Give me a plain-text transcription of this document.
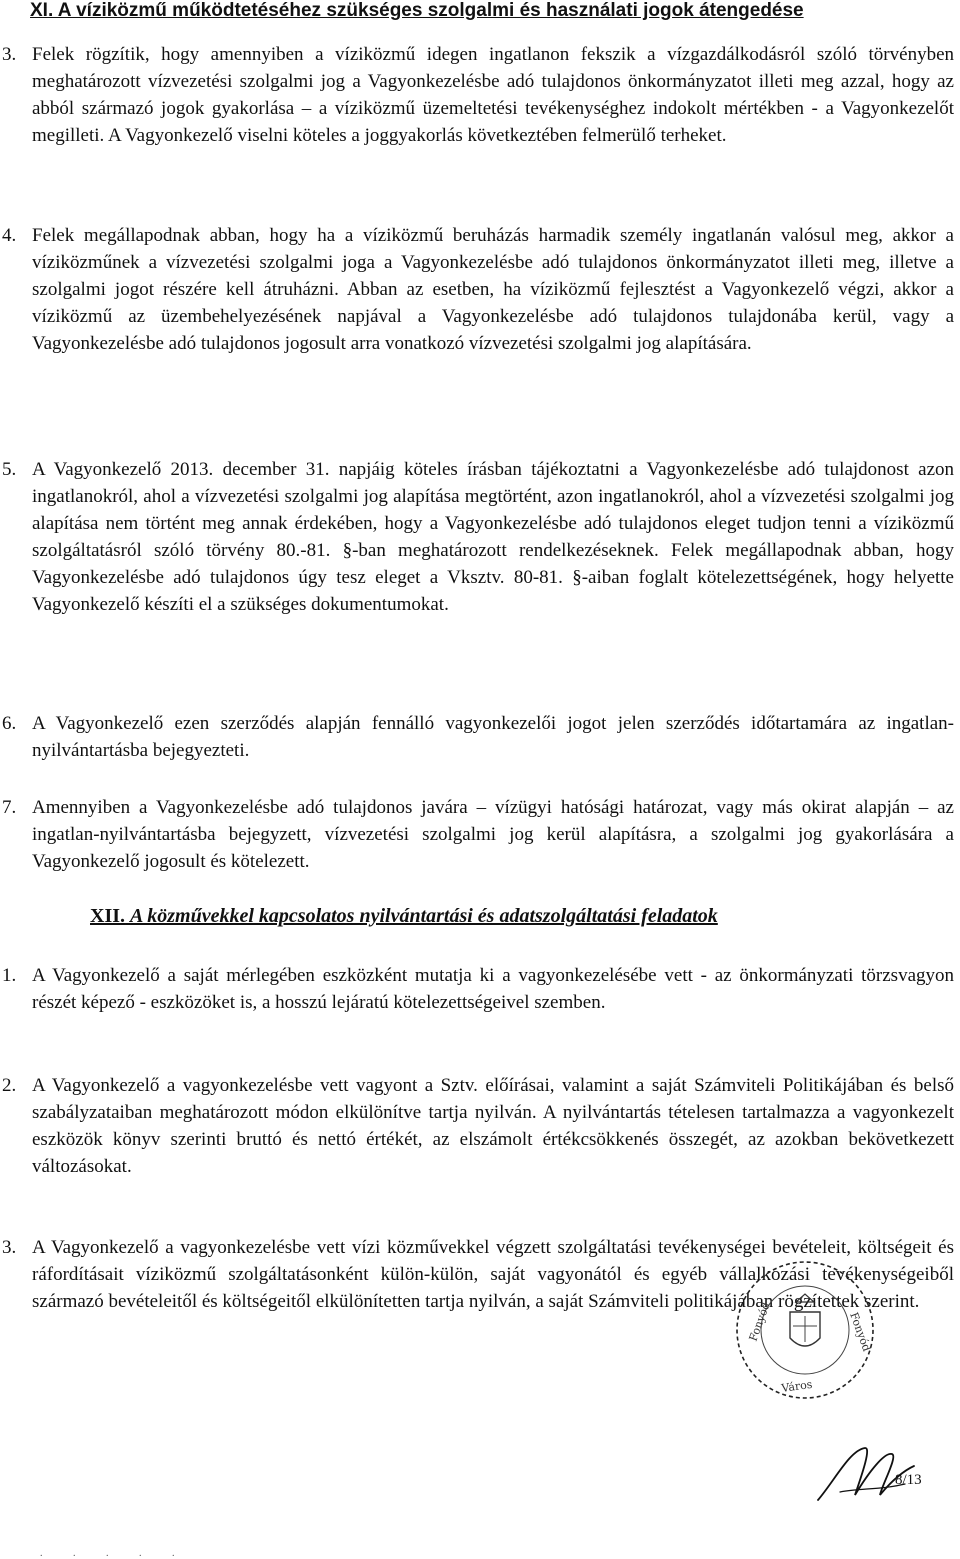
XI. A víziközmű működtetéséhez szükséges szolgalmi és használati jogok átengedése
3. Felek rögzítik, hogy amennyiben a víziközmű idegen ingatlanon fekszik a vízgazdálkodásról szóló törvényben meghatározott vízvezetési szolgalmi jog a Vagyonkezelésbe adó tulajdonos önkormányzatot illeti meg azzal, hogy az abból származó jogok gyakorlása – a víziközmű üzemeltetési tevékenységhez indokolt mértékben - a Vagyonkezelőt megilleti. A Vagyonkezelő viselni köteles a joggyakorlás következtében felmerülő terheket.
4. Felek megállapodnak abban, hogy ha a víziközmű beruházás harmadik személy ingatlanán valósul meg, akkor a víziközműnek a vízvezetési szolgalmi joga a Vagyonkezelésbe adó tulajdonos önkormányzatot illeti meg, illetve a szolgalmi jogot részére kell átruházni. Abban az esetben, ha víziközmű fejlesztést a Vagyonkezelő végzi, akkor a víziközmű az üzembehelyezésének napjával a Vagyonkezelésbe adó tulajdonos tulajdonába kerül, vagy a Vagyonkezelésbe adó tulajdonos jogosult arra vonatkozó vízvezetési szolgalmi jog alapítására.
5. A Vagyonkezelő 2013. december 31. napjáig köteles írásban tájékoztatni a Vagyonkezelésbe adó tulajdonost azon ingatlanokról, ahol a vízvezetési szolgalmi jog alapítása megtörtént, azon ingatlanokról, ahol a vízvezetési szolgalmi jog alapítása nem történt meg annak érdekében, hogy a Vagyonkezelésbe adó tulajdonos eleget tudjon tenni a víziközmű szolgáltatásról szóló törvény 80.-81. §-ban meghatározott rendelkezéseknek. Felek megállapodnak abban, hogy Vagyonkezelésbe adó tulajdonos úgy tesz eleget a Vksztv. 80-81. §-aiban foglalt kötelezettségének, hogy helyette Vagyonkezelő készíti el a szükséges dokumentumokat.
6. A Vagyonkezelő ezen szerződés alapján fennálló vagyonkezelői jogot jelen szerződés időtartamára az ingatlan-nyilvántartásba bejegyezteti.
7. Amennyiben a Vagyonkezelésbe adó tulajdonos javára – vízügyi hatósági határozat, vagy más okirat alapján – az ingatlan-nyilvántartásba bejegyzett, vízvezetési szolgalmi jog kerül alapításra, a szolgalmi jog gyakorlására a Vagyonkezelő jogosult és kötelezett.
XII. A közművekkel kapcsolatos nyilvántartási és adatszolgáltatási feladatok
1. A Vagyonkezelő a saját mérlegében eszközként mutatja ki a vagyonkezelésébe vett - az önkormányzati törzsvagyon részét képező - eszközöket is, a hosszú lejáratú kötelezettségeivel szemben.
2. A Vagyonkezelő a vagyonkezelésbe vett vagyont a Sztv. előírásai, valamint a saját Számviteli Politikájában és belső szabályzataiban meghatározott módon elkülönítve tartja nyilván. A nyilvántartás tételesen tartalmazza a vagyonkezelt eszközök könyv szerinti bruttó és nettó értékét, az elszámolt értékcsökkenés összegét, az azokban bekövetkezett változásokat.
3. A Vagyonkezelő a vagyonkezelésbe vett vízi közművekkel végzett szolgáltatási tevékenységei bevételeit, költségeit és ráfordításait víziközmű szolgáltatásonként külön-külön, saját vagyonától és egyéb vállalkozási tevékenységeiből származó bevételeitől és költségeitől elkülönítetten tartja nyilván, a saját Számviteli politikájában rögzítettek szerint.
Fonyód	Fonyód
Város
8/13
. . . . .
